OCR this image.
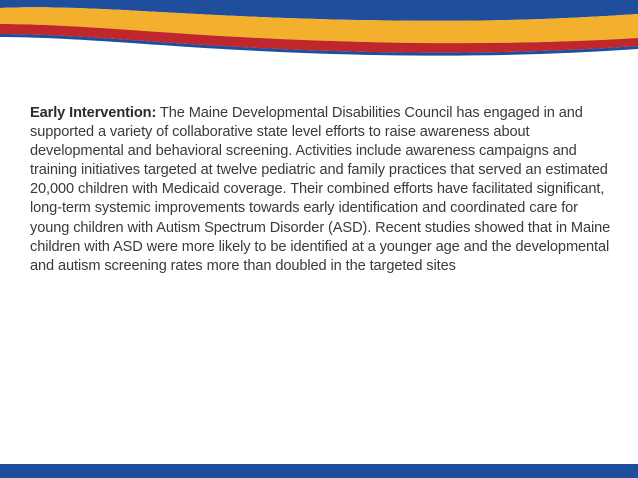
Early Intervention: The Maine Developmental Disabilities Council has engaged in and supported a variety of collaborative state level efforts to raise awareness about developmental and behavioral screening. Activities include awareness campaigns and training initiatives targeted at twelve pediatric and family practices that served an estimated 20,000 children with Medicaid coverage. Their combined efforts have facilitated significant, long-term systemic improvements towards early identification and coordinated care for young children with Autism Spectrum Disorder (ASD). Recent studies showed that in Maine children with ASD were more likely to be identified at a younger age and the developmental and autism screening rates more than doubled in the targeted sites
